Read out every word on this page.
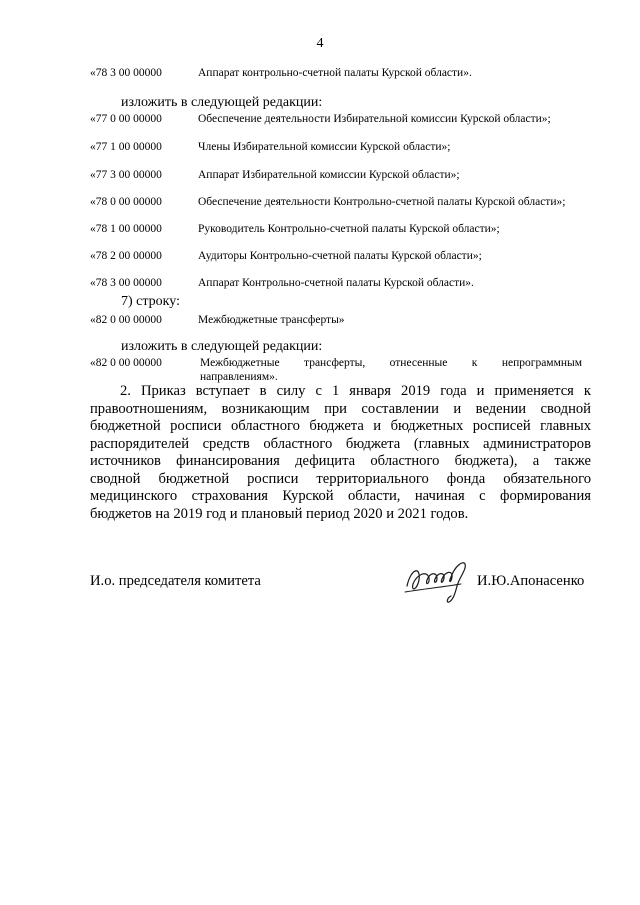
4
«78 3 00 00000	Аппарат контрольно-счетной палаты Курской области».
изложить в следующей редакции:
«77 0 00 00000	Обеспечение деятельности Избирательной комиссии Курской области»;
«77 1 00 00000	Члены Избирательной комиссии Курской области»;
«77 3 00 00000	Аппарат Избирательной комиссии Курской области»;
«78 0 00 00000	Обеспечение деятельности Контрольно-счетной палаты Курской области»;
«78 1 00 00000	Руководитель Контрольно-счетной палаты Курской области»;
«78 2 00 00000	Аудиторы Контрольно-счетной палаты Курской области»;
«78 3 00 00000	Аппарат Контрольно-счетной палаты Курской области».
7) строку:
«82 0 00 00000	Межбюджетные трансферты»
изложить в следующей редакции:
«82 0 00 00000	Межбюджетные трансферты, отнесенные к непрограммным
направлениям».
2. Приказ вступает в силу с 1 января 2019 года и применяется к
правоотношениям, возникающим при составлении и ведении сводной
бюджетной росписи областного бюджета и бюджетных росписей главных
распорядителей средств областного бюджета (главных администраторов
источников финансирования дефицита областного бюджета), а также
сводной бюджетной росписи территориального фонда обязательного
медицинского страхования Курской области, начиная с формирования
бюджетов на 2019 год и плановый период 2020 и 2021 годов.
И.о. председателя комитета	И.Ю.Апонасенко
